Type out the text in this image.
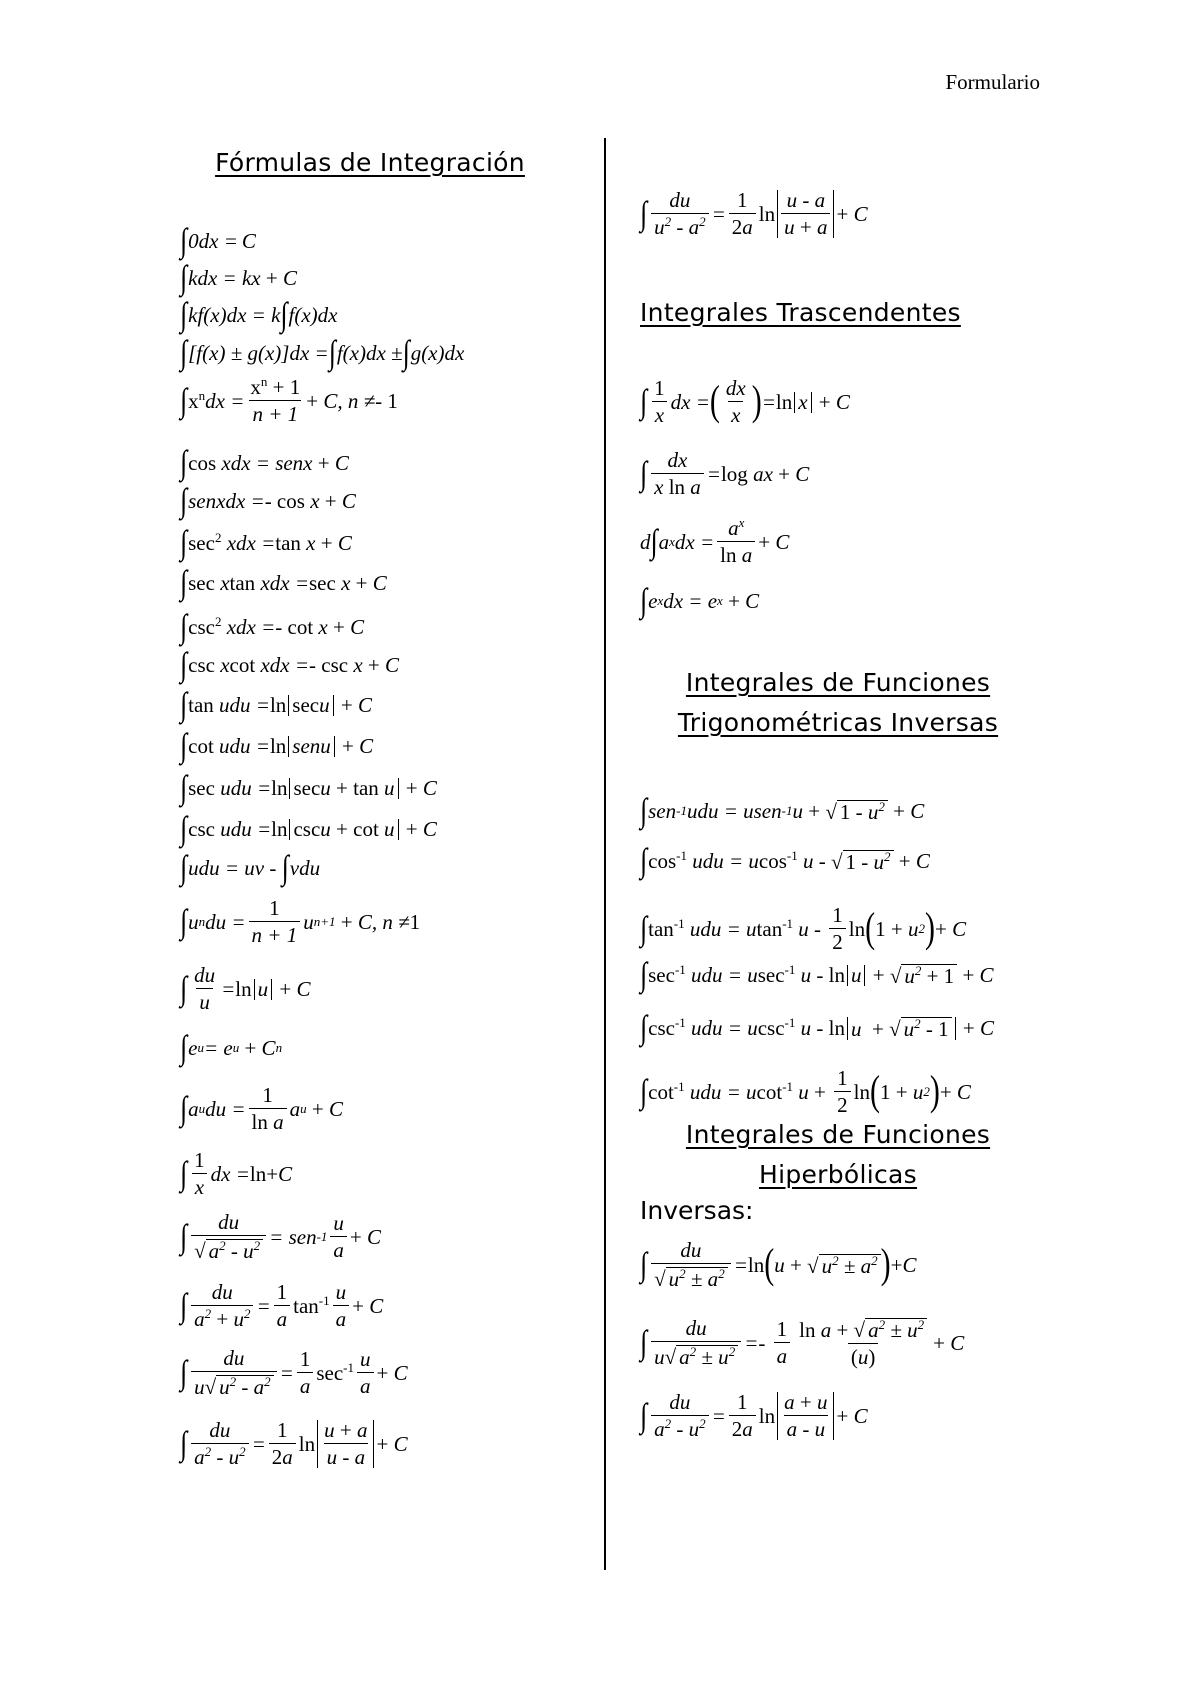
Formulario
Fórmulas de Integración
∫ 0dx = C
∫ kdx = kx + C
∫ kf(x)dx = k ∫ f(x)dx
∫ [f(x) ± g(x)]dx = ∫ f(x)dx ± ∫ g(x)dx
∫ $x^n$ dx = $\frac{x^n + 1}{n + 1} + C$, n ≠ - 1
∫ cos xdx = senx + C
∫ senxdx = - cos x + C
∫ $\sec^2$ xdx = tan x + C
∫ sec x tan xdx = sec x + C
∫ $\csc^2$ xdx = - cot x + C
∫ csc x cot xdx = - csc x + C
∫ tan udu = ln secu + C
∫ cot udu = ln senu + C
∫ sec udu = ln secu + tan u + C
∫ csc udu = ln cscu + cot u + C
∫ udu = uv - ∫ vdu
∫ u n du = $\frac{1}{n + 1}$ u n+1 + C, n ≠ 1
∫ $\frac{du}{u} = \ln u + C$
∫ e u = e u + C n
∫ a u du = $\frac{1}{\text{ln a}}$ a u + C
∫ $\frac{1}{x}$ dx = ln + C
∫ $\frac{du}{√ a^2 - u^2}$ = sen $-1 \frac{u}{a} + C$
∫ $\frac{du}{a^2 + u^2} = \frac{1}{a} \tan^{-1} \frac{u}{a} + C$
∫ $\frac{du}{u √ u^2 - a^2} = \frac{1}{a} \sec^{-1} \frac{u}{a} + C$
∫ $\frac{du}{a^2 - u^2} = \frac{1}{2a}$ $\ln \frac{u + a}{u - a} + C$
∫ $\frac{du}{u^2 - a^2} = \frac{1}{2a}$ $\ln \frac{u - a}{u + a} + C$
Integrales Trascendentes
∫ $\frac{1}{x}$ dx = ( $\frac{dx}{x}$ ) = ln x + C
∫ $\frac{dx}{\text{x ln a}} = \log$ ax + C
d ∫ a x dx = $\frac{a^x}{\text{ln a}} + C$
∫ e x dx = e x + C
Integrales de Funciones
Trigonométricas Inversas
∫ sen -1 udu = usen -1 u + √ $1 - u^2 + C$
∫ $\cos^{-1}$ udu = u $\cos^{-1} u$ - √ $1 - u^2 + C$
∫ $\tan^{-1}$ udu = u $\tan^{-1} u - \frac{1}{2}$ ln ( 1 + u 2 ) + C
∫ $\sec^{-1}$ udu = u $\sec^{-1} u$ - ln u + √ $u^2 + 1 + C$
∫ $\csc^{-1}$ udu = u $\csc^{-1} u$ - ln u  + √ $u^2 - 1 + C$
∫ $\cot^{-1}$ udu = u $\cot^{-1} u + \frac{1}{2}$ ln ( 1 + u 2 ) + C
Integrales de Funciones
Hiperbólicas
Inversas:
∫ $\frac{du}{√ u^2 \pm a^2} = \ln$ ( u + √ $u^2 \pm a^2$ ) + C
∫ $\frac{du}{u √ a^2 \pm u^2}$ = -
$\frac{1}{a} \frac{\ln a + √ a^2 \pm u^2}{(u)} + C$
∫ $\frac{du}{a^2 - u^2} = \frac{1}{2a}$ $\ln \frac{a + u}{a - u} + C$
